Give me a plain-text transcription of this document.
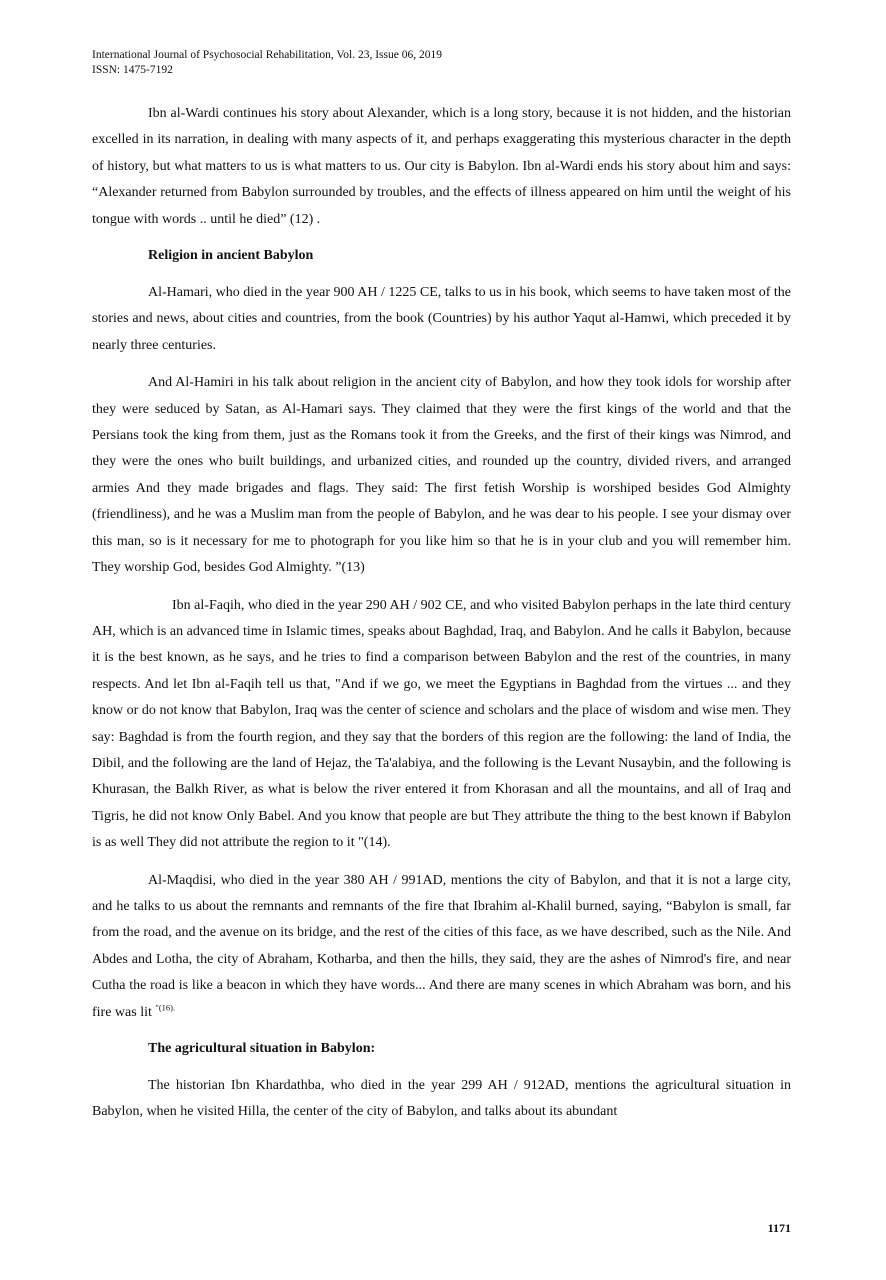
International Journal of Psychosocial Rehabilitation, Vol. 23, Issue 06, 2019
ISSN: 1475-7192

Ibn al-Wardi continues his story about Alexander, which is a long story, because it is not hidden, and the historian excelled in its narration, in dealing with many aspects of it, and perhaps exaggerating this mysterious character in the depth of history, but what matters to us is what matters to us. Our city is Babylon. Ibn al-Wardi ends his story about him and says: “Alexander returned from Babylon surrounded by troubles, and the effects of illness appeared on him until the weight of his tongue with words .. until he died” (12) .

Religion in ancient Babylon

Al-Hamari, who died in the year 900 AH / 1225 CE, talks to us in his book, which seems to have taken most of the stories and news, about cities and countries, from the book (Countries) by his author Yaqut al-Hamwi, which preceded it by nearly three centuries.

And Al-Hamiri in his talk about religion in the ancient city of Babylon, and how they took idols for worship after they were seduced by Satan, as Al-Hamari says. They claimed that they were the first kings of the world and that the Persians took the king from them, just as the Romans took it from the Greeks, and the first of their kings was Nimrod, and they were the ones who built buildings, and urbanized cities, and rounded up the country, divided rivers, and arranged armies And they made brigades and flags. They said: The first fetish Worship is worshiped besides God Almighty (friendliness), and he was a Muslim man from the people of Babylon, and he was dear to his people. I see your dismay over this man, so is it necessary for me to photograph for you like him so that he is in your club and you will remember him. They worship God, besides God Almighty. ”(13)

Ibn al-Faqih, who died in the year 290 AH / 902 CE, and who visited Babylon perhaps in the late third century AH, which is an advanced time in Islamic times, speaks about Baghdad, Iraq, and Babylon. And he calls it Babylon, because it is the best known, as he says, and he tries to find a comparison between Babylon and the rest of the countries, in many respects. And let Ibn al-Faqih tell us that, "And if we go, we meet the Egyptians in Baghdad from the virtues ... and they know or do not know that Babylon, Iraq was the center of science and scholars and the place of wisdom and wise men. They say: Baghdad is from the fourth region, and they say that the borders of this region are the following: the land of India, the Dibil, and the following are the land of Hejaz, the Ta'alabiya, and the following is the Levant Nusaybin, and the following is Khurasan, the Balkh River, as what is below the river entered it from Khorasan and all the mountains, and all of Iraq and Tigris, he did not know Only Babel. And you know that people are but They attribute the thing to the best known if Babylon is as well They did not attribute the region to it "(14).

Al-Maqdisi, who died in the year 380 AH / 991AD, mentions the city of Babylon, and that it is not a large city, and he talks to us about the remnants and remnants of the fire that Ibrahim al-Khalil burned, saying, “Babylon is small, far from the road, and the avenue on its bridge, and the rest of the cities of this face, as we have described, such as the Nile. And Abdes and Lotha, the city of Abraham, Kotharba, and then the hills, they said, they are the ashes of Nimrod's fire, and near Cutha the road is like a beacon in which they have words... And there are many scenes in which Abraham was born, and his fire was lit $^{"(16).}$

The agricultural situation in Babylon:

The historian Ibn Khardathba, who died in the year 299 AH / 912AD, mentions the agricultural situation in Babylon, when he visited Hilla, the center of the city of Babylon, and talks about its abundant

1171
